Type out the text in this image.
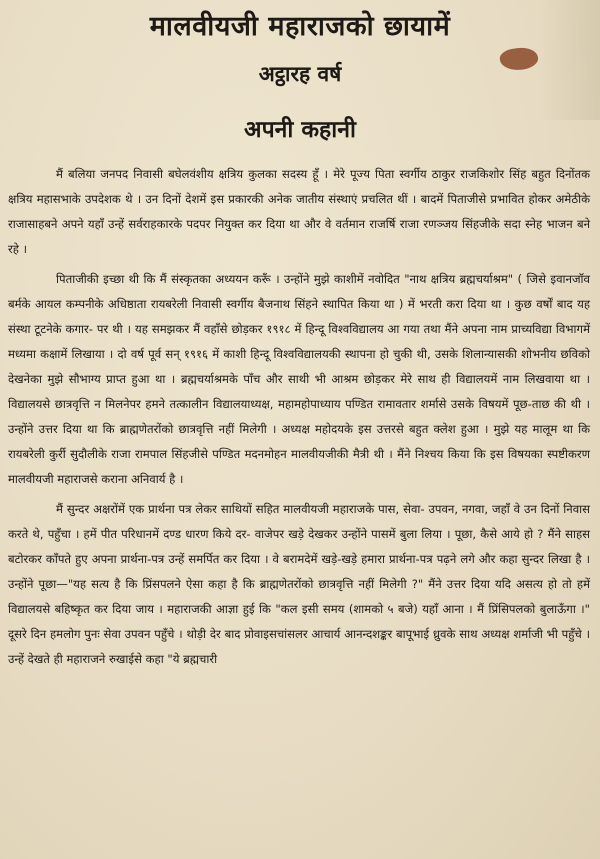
मालवीयजी महाराजको छायामें
अट्ठारह वर्ष
अपनी कहानी

मैं बलिया जनपद निवासी बघेलवंशीय क्षत्रिय कुलका सदस्य हूँ । मेरे पूज्य पिता स्वर्गीय ठाकुर राजकिशोर सिंह बहुत दिनोंतक क्षत्रिय महासभाके उपदेशक थे । उन दिनों देशमें इस प्रकारकी अनेक जातीय संस्थाएं प्रचलित थीं । बादमें पिताजीसे प्रभावित होकर अमेठीके राजासाहबने अपने यहाँ उन्हें सर्वराहकारके पदपर नियुक्त कर दिया था और वे वर्तमान राजर्षि राजा रणञ्जय सिंहजीके सदा स्नेह भाजन बने रहे ।

पिताजीकी इच्छा थी कि मैं संस्कृतका अध्ययन करूँ । उन्होंने मुझे काशीमें नवोदित "नाथ क्षत्रिय ब्रह्मचर्याश्रम" ( जिसे इवानजॉव बर्मके आयल कम्पनीके अधिष्ठाता रायबरेली निवासी स्वर्गीय बैजनाथ सिंहने स्थापित किया था ) में भरती करा दिया था । कुछ वर्षों बाद यह संस्था टूटनेके कगार- पर थी । यह समझकर मैं वहाँसे छोड़कर १९१८ में हिन्दू विश्वविद्यालय आ गया तथा मैंने अपना नाम प्राच्यविद्या विभागमें मध्यमा कक्षामें लिखाया । दो वर्ष पूर्व सन् १९१६ में काशी हिन्दू विश्वविद्यालयकी स्थापना हो चुकी थी, उसके शिलान्यासकी शोभनीय छविको देखनेका मुझे सौभाग्य प्राप्त हुआ था । ब्रह्मचर्याश्रमके पाँच और साथी भी आश्रम छोड़कर मेरे साथ ही विद्यालयमें नाम लिखवाया था । विद्यालयसे छात्रवृत्ति न मिलनेपर हमने तत्कालीन विद्यालयाध्यक्ष, महामहोपाध्याय पण्डित रामावतार शर्मासे उसके विषयमें पूछ-ताछ की थी । उन्होंने उत्तर दिया था कि ब्राह्मणेतरोंको छात्रवृत्ति नहीं मिलेगी । अध्यक्ष महोदयके इस उत्तरसे बहुत क्लेश हुआ । मुझे यह मालूम था कि रायबरेली कुर्री सुदौलीके राजा रामपाल सिंहजीसे पण्डित मदनमोहन मालवीयजीकी मैत्री थी । मैंने निश्चय किया कि इस विषयका स्पष्टीकरण मालवीयजी महाराजसे कराना अनिवार्य है ।

मैं सुन्दर अक्षरोंमें एक प्रार्थना पत्र लेकर साथियों सहित मालवीयजी महाराजके पास, सेवा- उपवन, नगवा, जहाँ वे उन दिनों निवास करते थे, पहुँचा । हमें पीत परिधानमें दण्ड धारण किये दर- वाजेपर खड़े देखकर उन्होंने पासमें बुला लिया । पूछा, कैसे आये हो ? मैंने साहस बटोरकर काँपते हुए अपना प्रार्थना-पत्र उन्हें समर्पित कर दिया । वे बरामदेमें खड़े-खड़े हमारा प्रार्थना-पत्र पढ़ने लगे और कहा सुन्दर लिखा है । उन्होंने पूछा—"यह सत्य है कि प्रिंसपलने ऐसा कहा है कि ब्राह्मणेतरोंको छात्रवृत्ति नहीं मिलेगी ?" मैंने उत्तर दिया यदि असत्य हो तो हमें विद्यालयसे बहिष्कृत कर दिया जाय । महाराजकी आज्ञा हुई कि "कल इसी समय (शामको ५ बजे) यहाँ आना । मैं प्रिंसिपलको बुलाऊँगा ।" दूसरे दिन हमलोग पुनः सेवा उपवन पहुँचे । थोड़ी देर बाद प्रोवाइसचांसलर आचार्य आनन्दशङ्कर बापूभाई ध्रुवके साथ अध्यक्ष शर्माजी भी पहुँचे । उन्हें देखते ही महाराजने रुखाईसे कहा "ये ब्रह्मचारी
